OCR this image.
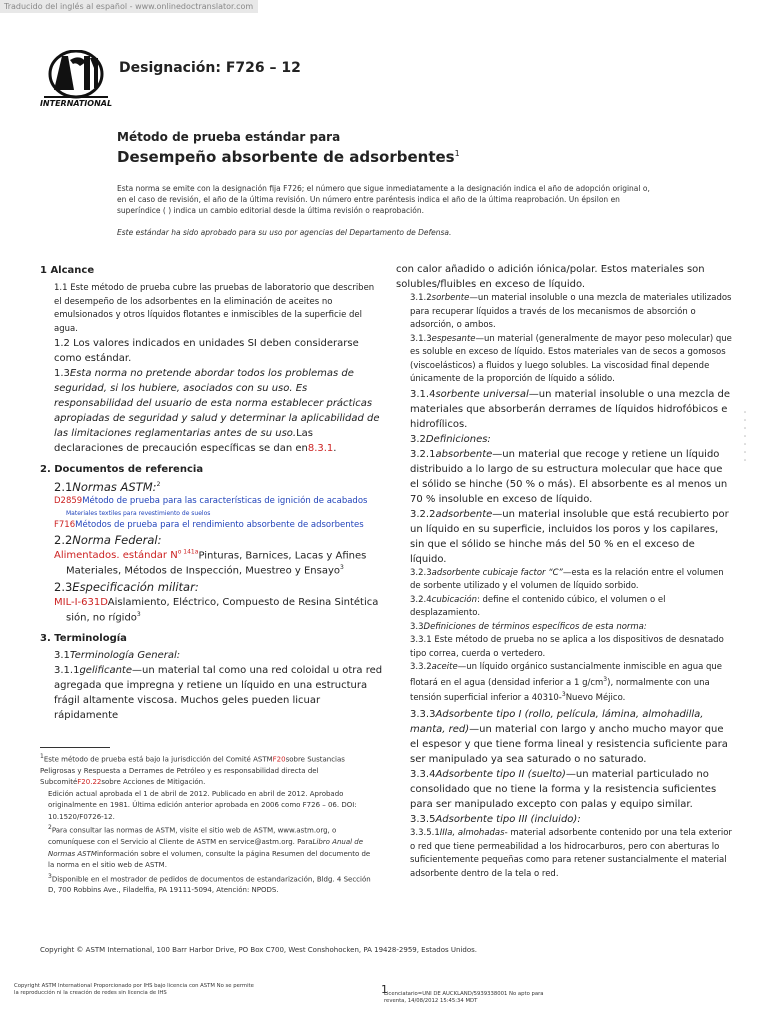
Traducido del inglés al español - www.onlinedoctranslator.com
INTERNATIONAL
Designación: F726 – 12
Método de prueba estándar para
Desempeño absorbente de adsorbentes$^1$
Esta norma se emite con la designación fija F726; el número que sigue inmediatamente a la designación indica el año de adopción original o, en el caso de revisión, el año de la última revisión. Un número entre paréntesis indica el año de la última reaprobación. Un épsilon en superíndice ( ) indica un cambio editorial desde la última revisión o reaprobación.
Este estándar ha sido aprobado para su uso por agencias del Departamento de Defensa.
1 Alcance

1.1 Este método de prueba cubre las pruebas de laboratorio que describen el desempeño de los adsorbentes en la eliminación de aceites no emulsionados y otros líquidos flotantes e inmiscibles de la superficie del agua.

1.2 Los valores indicados en unidades SI deben considerarse como estándar.

1.3Esta norma no pretende abordar todos los problemas de seguridad, si los hubiere, asociados con su uso. Es responsabilidad del usuario de esta norma establecer prácticas apropiadas de seguridad y salud y determinar la aplicabilidad de las limitaciones reglamentarias antes de su uso.Las declaraciones de precaución específicas se dan en8.3.1.

2. Documentos de referencia

2.1Normas ASTM:$^2$

D2859Método de prueba para las características de ignición de acabados

Materiales textiles para revestimiento de suelos

F716Métodos de prueba para el rendimiento absorbente de adsorbentes

2.2Norma Federal:

Alimentados. estándar $N^{o 141a}Pinturas$, Barnices, Lacas y Afines

Materiales, Métodos de Inspección, Muestreo y Ensayo$^3$

2.3Especificación militar:

MIL-I-631DAislamiento, Eléctrico, Compuesto de Resina Sintética

sión, no rígido$^3$

3. Terminología

3.1Terminología General:

3.1.1gelificante—un material tal como una red coloidal u otra red agregada que impregna y retiene un líquido en una estructura frágil altamente viscosa. Muchos geles pueden licuar rápidamente

con calor añadido o adición iónica/polar. Estos materiales son solubles/fluibles en exceso de líquido.

3.1.2sorbente—un material insoluble o una mezcla de materiales utilizados para recuperar líquidos a través de los mecanismos de absorción o adsorción, o ambos.

3.1.3espesante—un material (generalmente de mayor peso molecular) que es soluble en exceso de líquido. Estos materiales van de secos a gomosos (viscoelásticos) a fluidos y luego solubles. La viscosidad final depende únicamente de la proporción de líquido a sólido.

3.1.4sorbente universal—un material insoluble o una mezcla de materiales que absorberán derrames de líquidos hidrofóbicos e hidrofílicos.

3.2Definiciones:

3.2.1absorbente—un material que recoge y retiene un líquido distribuido a lo largo de su estructura molecular que hace que el sólido se hinche (50 % o más). El absorbente es al menos un 70 % insoluble en exceso de líquido.

3.2.2adsorbente—un material insoluble que está recubierto por un líquido en su superficie, incluidos los poros y los capilares, sin que el sólido se hinche más del 50 % en el exceso de líquido.

3.2.3adsorbente cubicaje factor “C”—esta es la relación entre el volumen de sorbente utilizado y el volumen de líquido sorbido.

3.2.4cubicación: define el contenido cúbico, el volumen o el desplazamiento.

3.3Definiciones de términos específicos de esta norma:

3.3.1 Este método de prueba no se aplica a los dispositivos de desnatado tipo correa, cuerda o vertedero.

3.3.2aceite—un líquido orgánico sustancialmente inmiscible en agua que flotará en el agua (densidad inferior a 1 $g/cm^3$), normalmente con una tensión superficial inferior a 40310-$^3$Nuevo Méjico.

3.3.3Adsorbente tipo I (rollo, película, lámina, almohadilla, manta, red)—un material con largo y ancho mucho mayor que el espesor y que tiene forma lineal y resistencia suficiente para ser manipulado ya sea saturado o no saturado.

3.3.4Adsorbente tipo II (suelto)—un material particulado no consolidado que no tiene la forma y la resistencia suficientes para ser manipulado excepto con palas y equipo similar.

3.3.5Adsorbente tipo III (incluido):

3.3.5.1IIIa, almohadas- material adsorbente contenido por una tela exterior o red que tiene permeabilidad a los hidrocarburos, pero con aberturas lo suficientemente pequeñas como para retener sustancialmente el material adsorbente dentro de la tela o red.

$^1$Este método de prueba está bajo la jurisdicción del Comité ASTMF20sobre Sustancias Peligrosas y Respuesta a Derrames de Petróleo y es responsabilidad directa del SubcomitéF20.22sobre Acciones de Mitigación.

Edición actual aprobada el 1 de abril de 2012. Publicado en abril de 2012. Aprobado originalmente en 1981. Última edición anterior aprobada en 2006 como F726 – 06. DOI: 10.1520/F0726-12.

$^2$Para consultar las normas de ASTM, visite el sitio web de ASTM, www.astm.org, o comuníquese con el Servicio al Cliente de ASTM en service@astm.org. ParaLibro Anual de Normas ASTMinformación sobre el volumen, consulte la página Resumen del documento de la norma en el sitio web de ASTM.

$^3$Disponible en el mostrador de pedidos de documentos de estandarización, Bldg. 4 Sección D, 700 Robbins Ave., Filadelfia, PA 19111-5094, Atención: NPODS.

Copyright © ASTM International, 100 Barr Harbor Drive, PO Box C700, West Conshohocken, PA 19428-2959, Estados Unidos.
Copyright ASTM International Proporcionado por IHS bajo licencia con ASTM No se permite la reproducción ni la creación de redes sin licencia de IHS	1
Licenciatario=UNI DE AUCKLAND/5939338001 No apto para reventa, 14/08/2012 15:45:34 MDT
